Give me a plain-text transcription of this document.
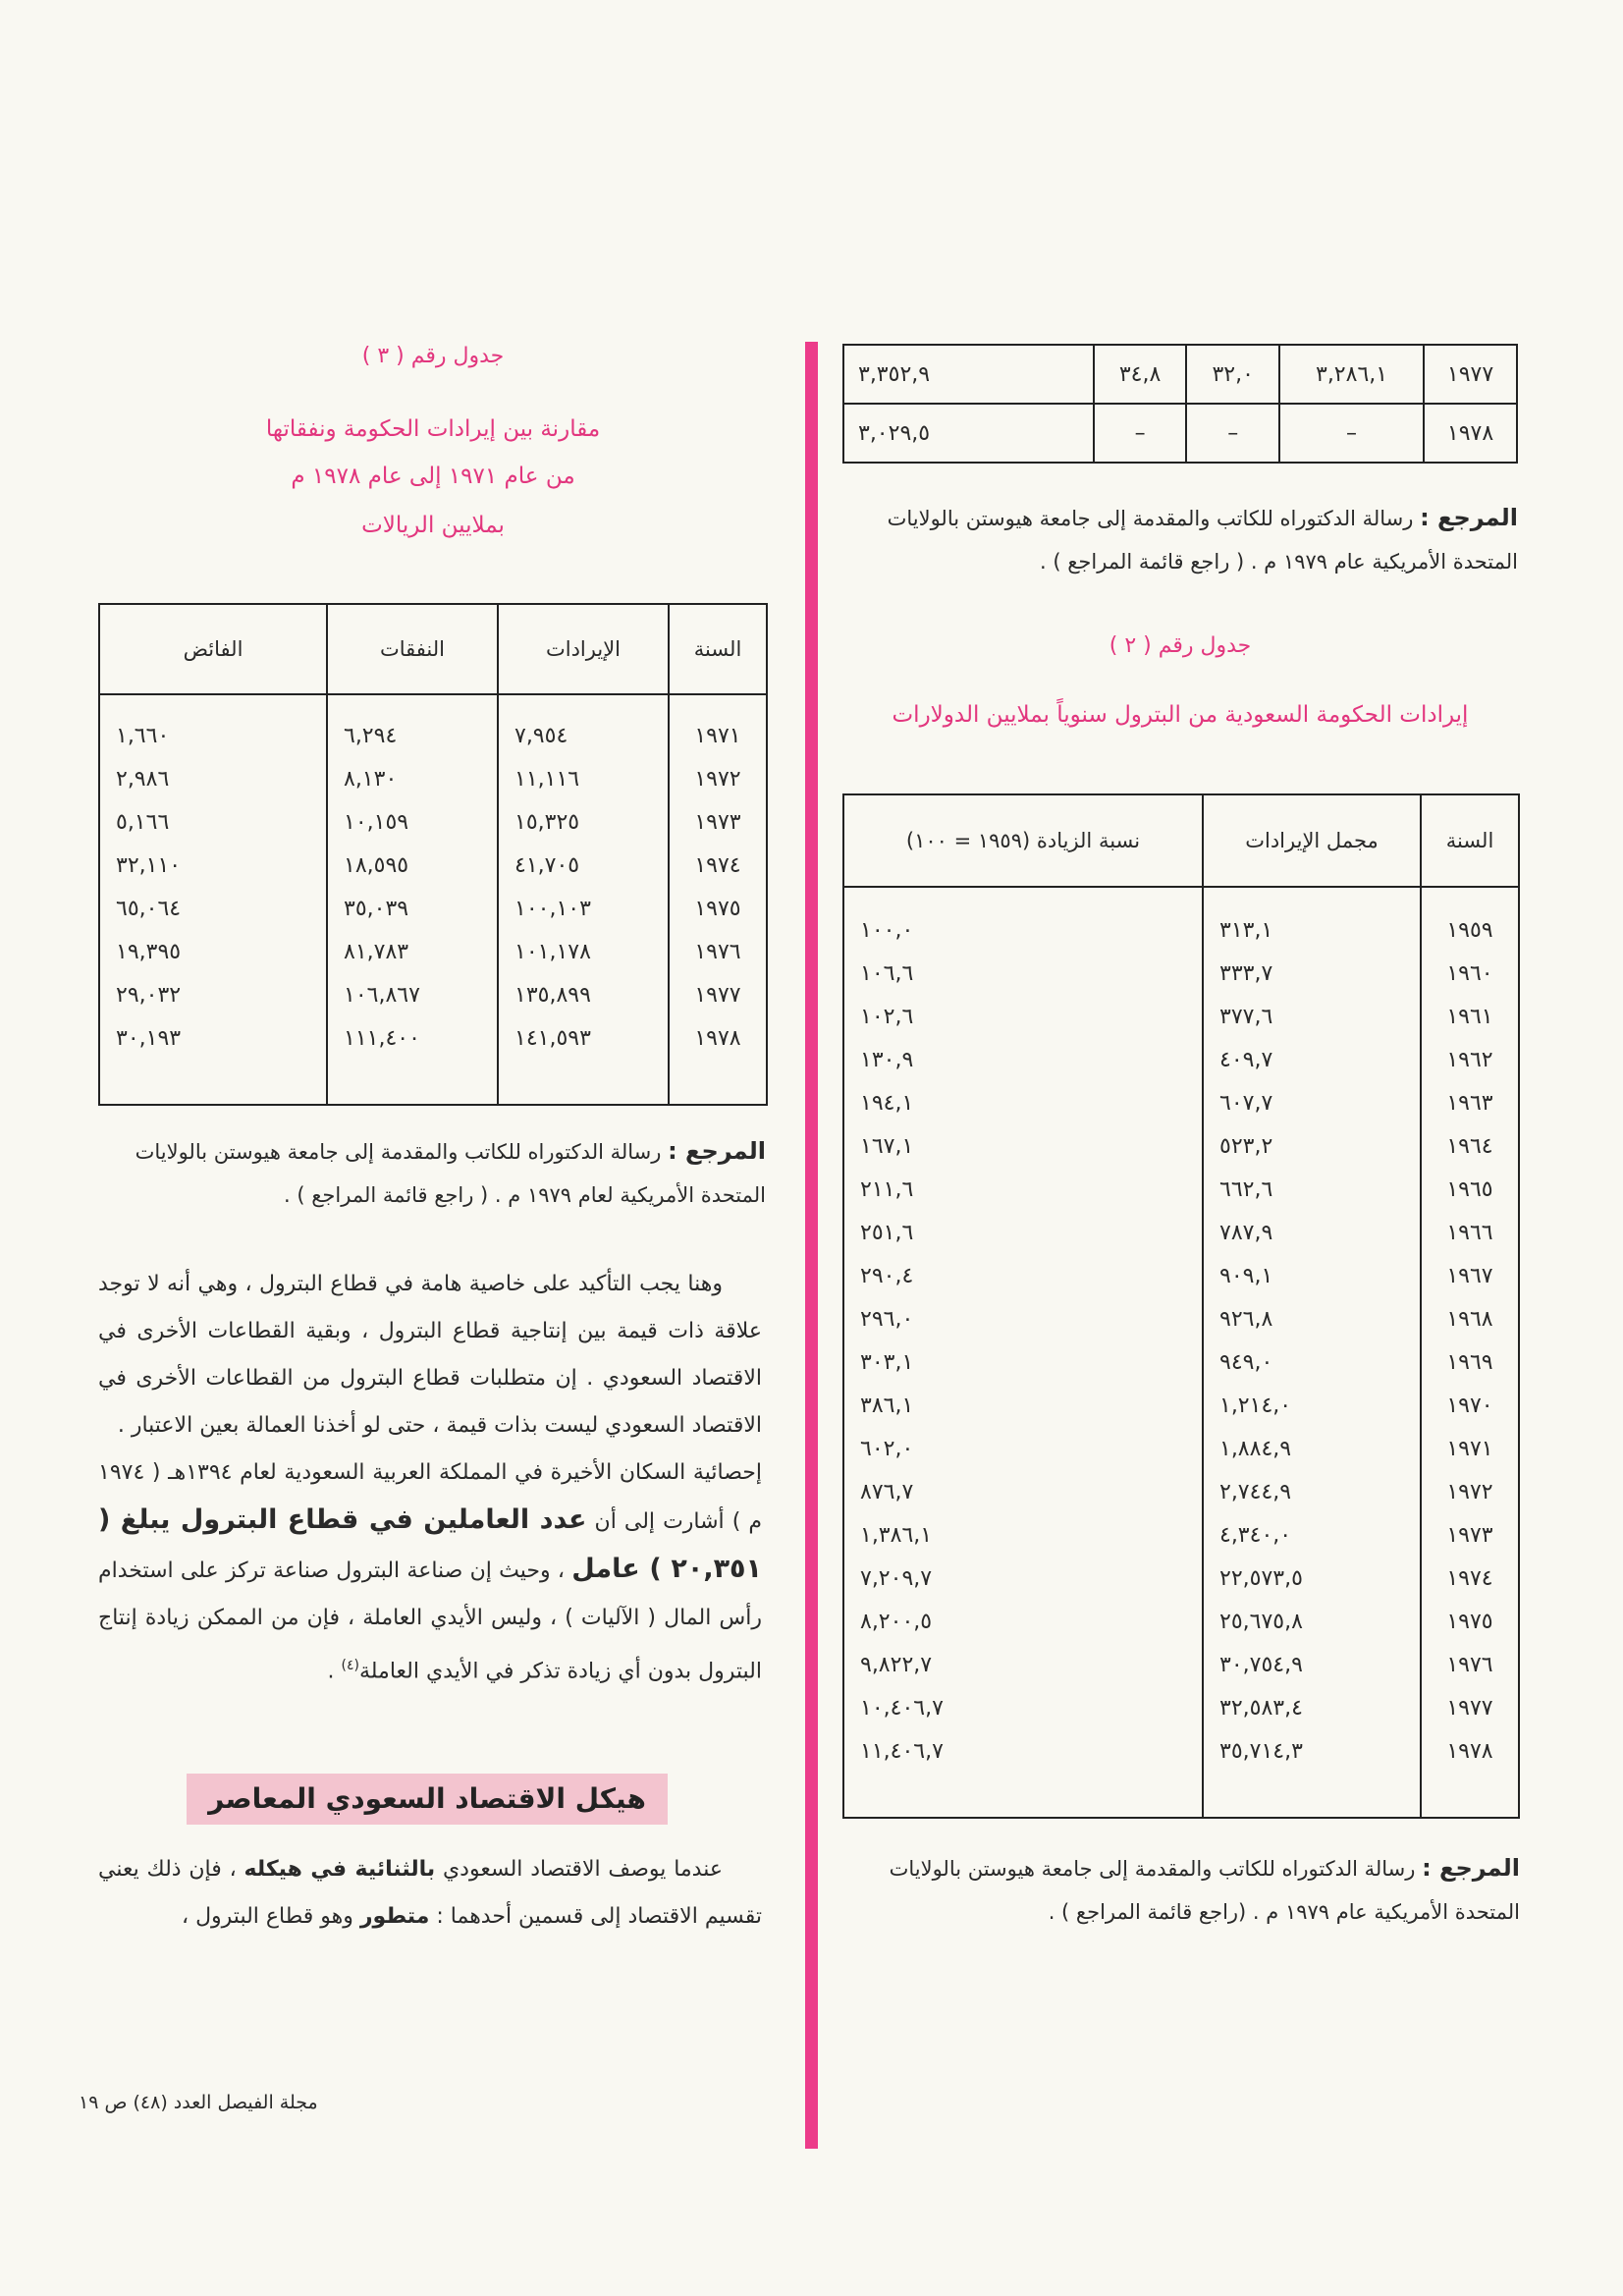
١٩٧٧	٣,٢٨٦,١	٣٢,٠	٣٤,٨	٣,٣٥٢,٩
١٩٧٨	–	–	–	٣,٠٢٩,٥
المرجع : رسالة الدكتوراه للكاتب والمقدمة إلى جامعة هيوستن بالولايات المتحدة الأمريكية عام ١٩٧٩ م . ( راجع قائمة المراجع ) .
جدول رقم ( ٢ )
إيرادات الحكومة السعودية من البترول سنوياً بملايين الدولارات
السنة	مجمل الإيرادات	نسبة الزيادة (١٩٥٩ = ١٠٠)
١٩٥٩	٣١٣,١	١٠٠,٠
١٩٦٠	٣٣٣,٧	١٠٦,٦
١٩٦١	٣٧٧,٦	١٠٢,٦
١٩٦٢	٤٠٩,٧	١٣٠,٩
١٩٦٣	٦٠٧,٧	١٩٤,١
١٩٦٤	٥٢٣,٢	١٦٧,١
١٩٦٥	٦٦٢,٦	٢١١,٦
١٩٦٦	٧٨٧,٩	٢٥١,٦
١٩٦٧	٩٠٩,١	٢٩٠,٤
١٩٦٨	٩٢٦,٨	٢٩٦,٠
١٩٦٩	٩٤٩,٠	٣٠٣,١
١٩٧٠	١,٢١٤,٠	٣٨٦,١
١٩٧١	١,٨٨٤,٩	٦٠٢,٠
١٩٧٢	٢,٧٤٤,٩	٨٧٦,٧
١٩٧٣	٤,٣٤٠,٠	١,٣٨٦,١
١٩٧٤	٢٢,٥٧٣,٥	٧,٢٠٩,٧
١٩٧٥	٢٥,٦٧٥,٨	٨,٢٠٠,٥
١٩٧٦	٣٠,٧٥٤,٩	٩,٨٢٢,٧
١٩٧٧	٣٢,٥٨٣,٤	١٠,٤٠٦,٧
١٩٧٨	٣٥,٧١٤,٣	١١,٤٠٦,٧

المرجع : رسالة الدكتوراه للكاتب والمقدمة إلى جامعة هيوستن بالولايات المتحدة الأمريكية عام ١٩٧٩ م . (راجع قائمة المراجع ) .
جدول رقم ( ٣ )
مقارنة بين إيرادات الحكومة ونفقاتها
من عام ١٩٧١ إلى عام ١٩٧٨ م
بملايين الريالات
السنة	الإيرادات	النفقات	الفائض
١٩٧١	٧,٩٥٤	٦,٢٩٤	١,٦٦٠
١٩٧٢	١١,١١٦	٨,١٣٠	٢,٩٨٦
١٩٧٣	١٥,٣٢٥	١٠,١٥٩	٥,١٦٦
١٩٧٤	٤١,٧٠٥	١٨,٥٩٥	٣٢,١١٠
١٩٧٥	١٠٠,١٠٣	٣٥,٠٣٩	٦٥,٠٦٤
١٩٧٦	١٠١,١٧٨	٨١,٧٨٣	١٩,٣٩٥
١٩٧٧	١٣٥,٨٩٩	١٠٦,٨٦٧	٢٩,٠٣٢
١٩٧٨	١٤١,٥٩٣	١١١,٤٠٠	٣٠,١٩٣

المرجع : رسالة الدكتوراه للكاتب والمقدمة إلى جامعة هيوستن بالولايات المتحدة الأمريكية لعام ١٩٧٩ م . ( راجع قائمة المراجع ) .

وهنا يجب التأكيد على خاصية هامة في قطاع البترول ، وهي أنه لا توجد علاقة ذات قيمة بين إنتاجية قطاع البترول ، وبقية القطاعات الأخرى في الاقتصاد السعودي . إن متطلبات قطاع البترول من القطاعات الأخرى في الاقتصاد السعودي ليست بذات قيمة ، حتى لو أخذنا العمالة بعين الاعتبار .

إحصائية السكان الأخيرة في المملكة العربية السعودية لعام ١٣٩٤هـ ( ١٩٧٤ م ) أشارت إلى أن عدد العاملين في قطاع البترول يبلغ ( ٢٠,٣٥١ ) عامل ، وحيث إن صناعة البترول صناعة تركز على استخدام رأس المال ( الآليات ) ، وليس الأيدي العاملة ، فإن من الممكن زيادة إنتاج البترول بدون أي زيادة تذكر في الأيدي العاملة$^{(٤)}$ .

هيكل الاقتصاد السعودي المعاصر

عندما يوصف الاقتصاد السعودي بالثنائية في هيكله ، فإن ذلك يعني تقسيم الاقتصاد إلى قسمين أحدهما : متطور وهو قطاع البترول ،

مجلة الفيصل العدد (٤٨) ص ١٩
